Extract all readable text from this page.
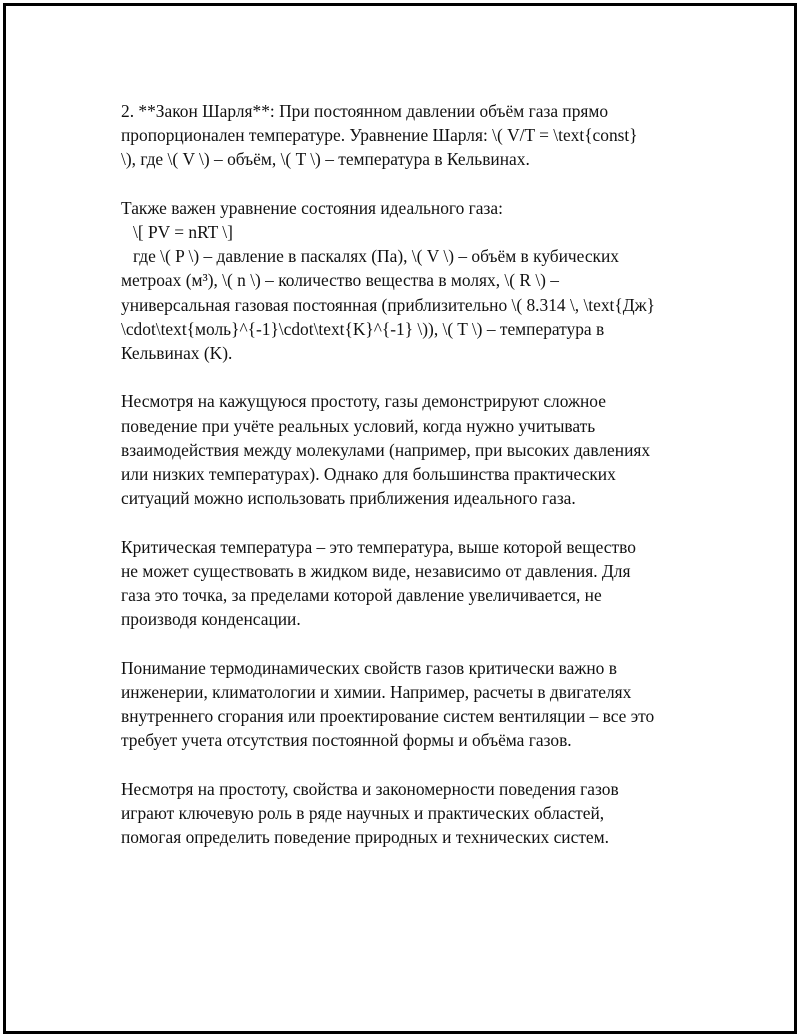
2. **Закон Шарля**: При постоянном давлении объём газа прямо
пропорционален температуре. Уравнение Шарля: \( V/T = \text{const}
\), где \( V \) – объём, \( T \) – температура в Кельвинах.

Также важен уравнение состояния идеального газа:
\[ PV = nRT \]
где \( P \) – давление в паскалях (Па), \( V \) – объём в кубических
метроах (м³), \( n \) – количество вещества в молях, \( R \) –
универсальная газовая постоянная (приблизительно \( 8.314 \, \text{Дж}
\cdot\text{моль}^{-1}\cdot\text{K}^{-1} \)), \( T \) – температура в
Кельвинах (K).

Несмотря на кажущуюся простоту, газы демонстрируют сложное
поведение при учёте реальных условий, когда нужно учитывать
взаимодействия между молекулами (например, при высоких давлениях
или низких температурах). Однако для большинства практических
ситуаций можно использовать приближения идеального газа.

Критическая температура – это температура, выше которой вещество
не может существовать в жидком виде, независимо от давления. Для
газа это точка, за пределами которой давление увеличивается, не
производя конденсации.

Понимание термодинамических свойств газов критически важно в
инженерии, климатологии и химии. Например, расчеты в двигателях
внутреннего сгорания или проектирование систем вентиляции – все это
требует учета отсутствия постоянной формы и объёма газов.

Несмотря на простоту, свойства и закономерности поведения газов
играют ключевую роль в ряде научных и практических областей,
помогая определить поведение природных и технических систем.
